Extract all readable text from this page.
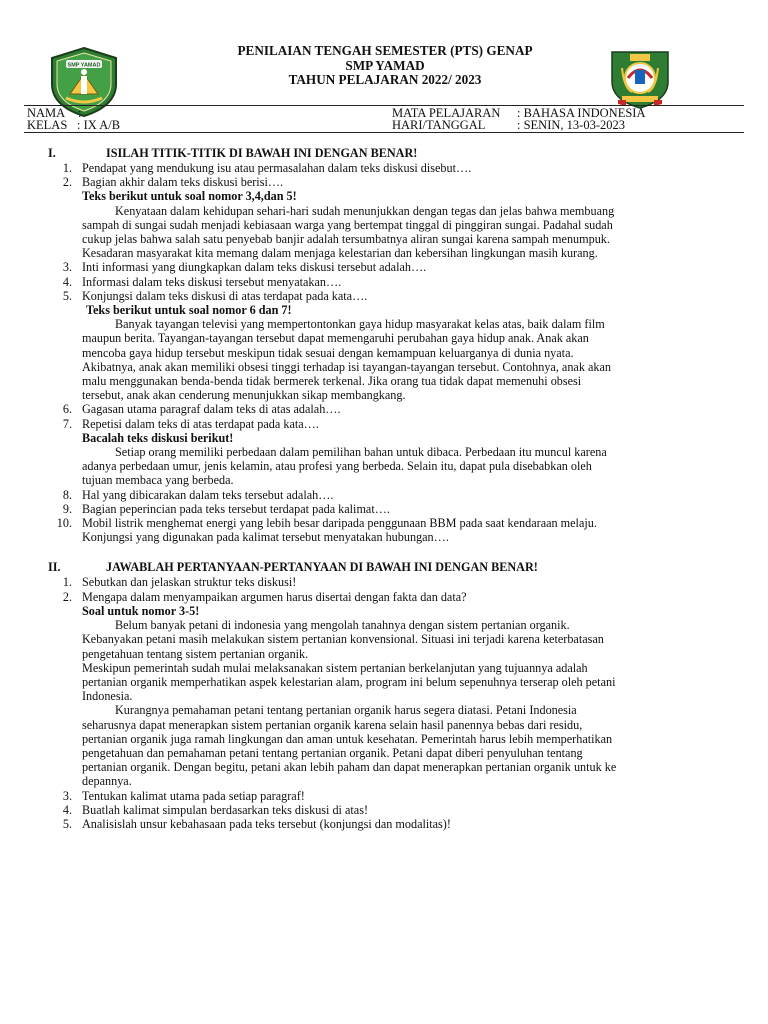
SMP YAMAD
PENILAIAN TENGAH SEMESTER (PTS) GENAP
SMP YAMAD
TAHUN PELAJARAN 2022/ 2023
NAMA :
KELAS : IX A/B
MATA PELAJARAN : BAHASA INDONESIA
HARI/TANGGAL	: SENIN, 13-03-2023
I.	ISILAH TITIK-TITIK DI BAWAH INI DENGAN BENAR!
1. Pendapat yang mendukung isu atau permasalahan dalam teks diskusi disebut….
2. Bagian akhir dalam teks diskusi berisi….
Teks berikut untuk soal nomor 3,4,dan 5!
Kenyataan dalam kehidupan sehari-hari sudah menunjukkan dengan tegas dan jelas bahwa membuang
sampah di sungai sudah menjadi kebiasaan warga yang bertempat tinggal di pinggiran sungai. Padahal sudah
cukup jelas bahwa salah satu penyebab banjir adalah tersumbatnya aliran sungai karena sampah menumpuk.
Kesadaran masyarakat kita memang dalam menjaga kelestarian dan kebersihan lingkungan masih kurang.
3. Inti informasi yang diungkapkan dalam teks diskusi tersebut adalah….
4. Informasi dalam teks diskusi tersebut menyatakan….
5. Konjungsi dalam teks diskusi di atas terdapat pada kata….
Teks berikut untuk soal nomor 6 dan 7!
Banyak tayangan televisi yang mempertontonkan gaya hidup masyarakat kelas atas, baik dalam film
maupun berita. Tayangan-tayangan tersebut dapat memengaruhi perubahan gaya hidup anak. Anak akan
mencoba gaya hidup tersebut meskipun tidak sesuai dengan kemampuan keluarganya di dunia nyata.
Akibatnya, anak akan memiliki obsesi tinggi terhadap isi tayangan-tayangan tersebut. Contohnya, anak akan
malu menggunakan benda-benda tidak bermerek terkenal. Jika orang tua tidak dapat memenuhi obsesi
tersebut, anak akan cenderung menunjukkan sikap membangkang.
6. Gagasan utama paragraf dalam teks di atas adalah….
7. Repetisi dalam teks di atas terdapat pada kata….
Bacalah teks diskusi berikut!
Setiap orang memiliki perbedaan dalam pemilihan bahan untuk dibaca. Perbedaan itu muncul karena
adanya perbedaan umur, jenis kelamin, atau profesi yang berbeda. Selain itu, dapat pula disebabkan oleh
tujuan membaca yang berbeda.
8. Hal yang dibicarakan dalam teks tersebut adalah….
9. Bagian peperincian pada teks tersebut terdapat pada kalimat….
10. Mobil listrik menghemat energi yang lebih besar daripada penggunaan BBM pada saat kendaraan melaju.
Konjungsi yang digunakan pada kalimat tersebut menyatakan hubungan….
II.	JAWABLAH PERTANYAAN-PERTANYAAN DI BAWAH INI DENGAN BENAR!
1. Sebutkan dan jelaskan struktur teks diskusi!
2. Mengapa dalam menyampaikan argumen harus disertai dengan fakta dan data?
Soal untuk nomor 3-5!
Belum banyak petani di indonesia yang mengolah tanahnya dengan sistem pertanian organik.
Kebanyakan petani masih melakukan sistem pertanian konvensional. Situasi ini terjadi karena keterbatasan
pengetahuan tentang sistem pertanian organik.
Meskipun pemerintah sudah mulai melaksanakan sistem pertanian berkelanjutan yang tujuannya adalah
pertanian organik memperhatikan aspek kelestarian alam, program ini belum sepenuhnya terserap oleh petani
Indonesia.
Kurangnya pemahaman petani tentang pertanian organik harus segera diatasi. Petani Indonesia
seharusnya dapat menerapkan sistem pertanian organik karena selain hasil panennya bebas dari residu,
pertanian organik juga ramah lingkungan dan aman untuk kesehatan. Pemerintah harus lebih memperhatikan
pengetahuan dan pemahaman petani tentang pertanian organik. Petani dapat diberi penyuluhan tentang
pertanian organik. Dengan begitu, petani akan lebih paham dan dapat menerapkan pertanian organik untuk ke
depannya.
3. Tentukan kalimat utama pada setiap paragraf!
4. Buatlah kalimat simpulan berdasarkan teks diskusi di atas!
5. Analisislah unsur kebahasaan pada teks tersebut (konjungsi dan modalitas)!
